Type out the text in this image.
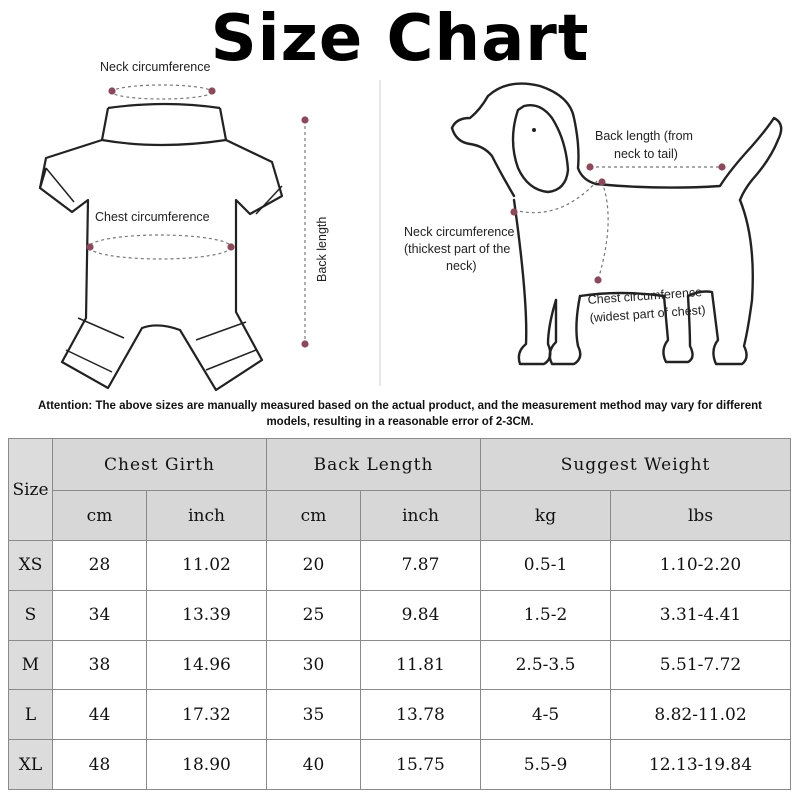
Size Chart
Neck circumference
Chest circumference	Back length
Back length (from
neck to tail)
Neck circumference
(thickest part of the
neck)
Chest circumference
(widest part of chest)
Attention: The above sizes are manually measured based on the actual product, and the measurement method may vary for different
models, resulting in a reasonable error of 2-3CM.
Size	Chest Girth		Back Length		Suggest Weight	
	cm	inch	cm	inch	kg	lbs
XS	28	11.02	20	7.87	0.5-1	1.10-2.20
S	34	13.39	25	9.84	1.5-2	3.31-4.41
M	38	14.96	30	11.81	2.5-3.5	5.51-7.72
L	44	17.32	35	13.78	4-5	8.82-11.02
XL	48	18.90	40	15.75	5.5-9	12.13-19.84
